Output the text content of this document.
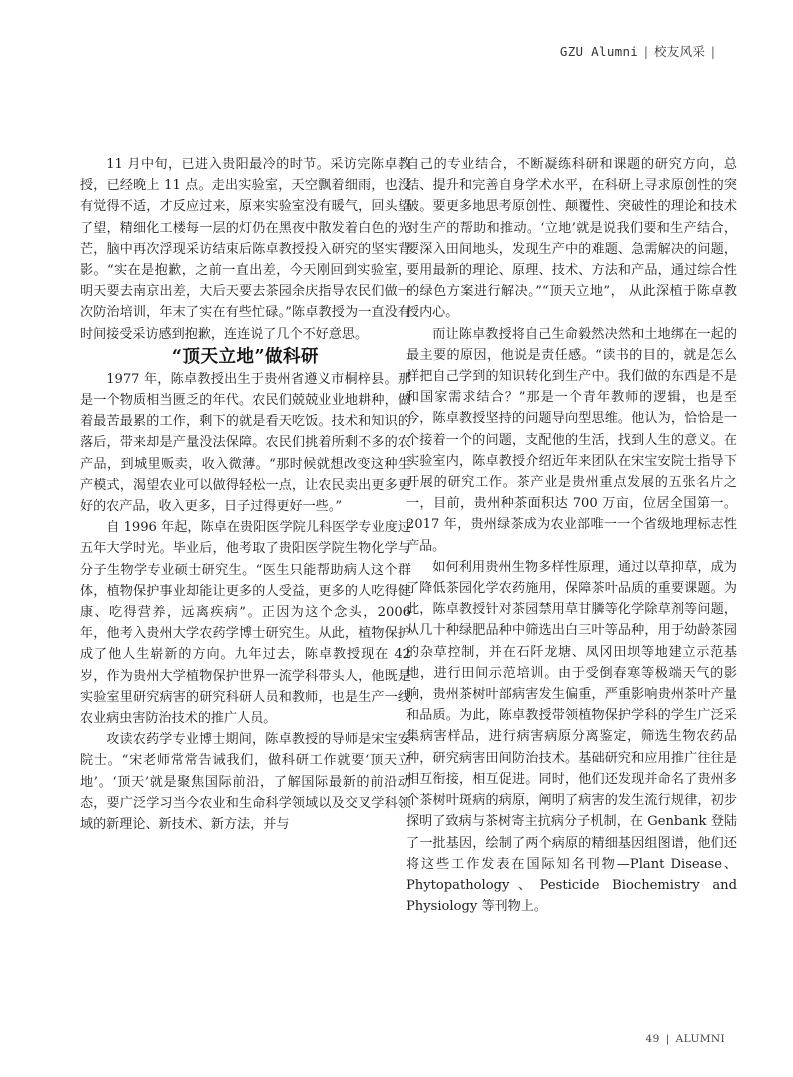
GZU Alumni | 校友风采 |

11 月中旬，已进入贵阳最冷的时节。采访完陈卓教授，已经晚上 11 点。走出实验室，天空飘着细雨，也没有觉得不适，才反应过来，原来实验室没有暖气，回头望了望，精细化工楼每一层的灯仍在黑夜中散发着白色的光芒，脑中再次浮现采访结束后陈卓教授投入研究的坚实背影。“实在是抱歉，之前一直出差，今天刚回到实验室，明天要去南京出差，大后天要去茶园余庆指导农民们做一次防治培训，年末了实在有些忙碌。”陈卓教授为一直没有时间接受采访感到抱歉，连连说了几个不好意思。

“顶天立地”做科研

1977 年，陈卓教授出生于贵州省遵义市桐梓县。那是一个物质相当匮乏的年代。农民们兢兢业业地耕种，做着最苦最累的工作，剩下的就是看天吃饭。技术和知识的落后，带来却是产量没法保障。农民们挑着所剩不多的农产品，到城里贩卖，收入微薄。“那时候就想改变这种生产模式，渴望农业可以做得轻松一点，让农民卖出更多更好的农产品，收入更多，日子过得更好一些。”

自 1996 年起，陈卓在贵阳医学院儿科医学专业度过五年大学时光。毕业后，他考取了贵阳医学院生物化学与分子生物学专业硕士研究生。“医生只能帮助病人这个群体，植物保护事业却能让更多的人受益，更多的人吃得健康、吃得营养，远离疾病”。正因为这个念头，2006 年，他考入贵州大学农药学博士研究生。从此，植物保护成了他人生崭新的方向。九年过去，陈卓教授现在 42 岁，作为贵州大学植物保护世界一流学科带头人，他既是实验室里研究病害的研究科研人员和教师，也是生产一线农业病虫害防治技术的推广人员。

攻读农药学专业博士期间，陈卓教授的导师是宋宝安院士。“宋老师常常告诫我们，做科研工作就要‘顶天立地’。‘顶天’就是聚焦国际前沿，了解国际最新的前沿动态，要广泛学习当今农业和生命科学领域以及交叉学科领域的新理论、新技术、新方法，并与

自己的专业结合，不断凝练科研和课题的研究方向，总结、提升和完善自身学术水平，在科研上寻求原创性的突破。要更多地思考原创性、颠覆性、突破性的理论和技术对生产的帮助和推动。‘立地’就是说我们要和生产结合，要深入田间地头，发现生产中的难题、急需解决的问题，要用最新的理论、原理、技术、方法和产品，通过综合性的绿色方案进行解决。”“顶天立地”， 从此深植于陈卓教授内心。

而让陈卓教授将自己生命毅然决然和土地绑在一起的最主要的原因，他说是责任感。“读书的目的，就是怎么样把自己学到的知识转化到生产中。我们做的东西是不是和国家需求结合？”那是一个青年教师的逻辑，也是至今，陈卓教授坚持的问题导向型思维。他认为，恰恰是一个接着一个的问题，支配他的生活，找到人生的意义。在实验室内，陈卓教授介绍近年来团队在宋宝安院士指导下开展的研究工作。茶产业是贵州重点发展的五张名片之一，目前，贵州种茶面积达 700 万亩，位居全国第一。2017 年，贵州绿茶成为农业部唯一一个省级地理标志性产品。

如何利用贵州生物多样性原理，通过以草抑草，成为了降低茶园化学农药施用，保障茶叶品质的重要课题。为此，陈卓教授针对茶园禁用草甘膦等化学除草剂等问题，从几十种绿肥品种中筛选出白三叶等品种，用于幼龄茶园的杂草控制，并在石阡龙塘、凤冈田坝等地建立示范基地，进行田间示范培训。由于受倒春寒等极端天气的影响，贵州茶树叶部病害发生偏重，严重影响贵州茶叶产量和品质。为此，陈卓教授带领植物保护学科的学生广泛采集病害样品，进行病害病原分离鉴定，筛选生物农药品种，研究病害田间防治技术。基础研究和应用推广往往是相互衔接，相互促进。同时，他们还发现并命名了贵州多个茶树叶斑病的病原，阐明了病害的发生流行规律，初步探明了致病与茶树寄主抗病分子机制，在 Genbank 登陆了一批基因，绘制了两个病原的精细基因组图谱，他们还将这些工作发表在国际知名刊物—Plant Disease、Phytopathology、Pesticide Biochemistry and Physiology 等刊物上。

49 | ALUMNI
